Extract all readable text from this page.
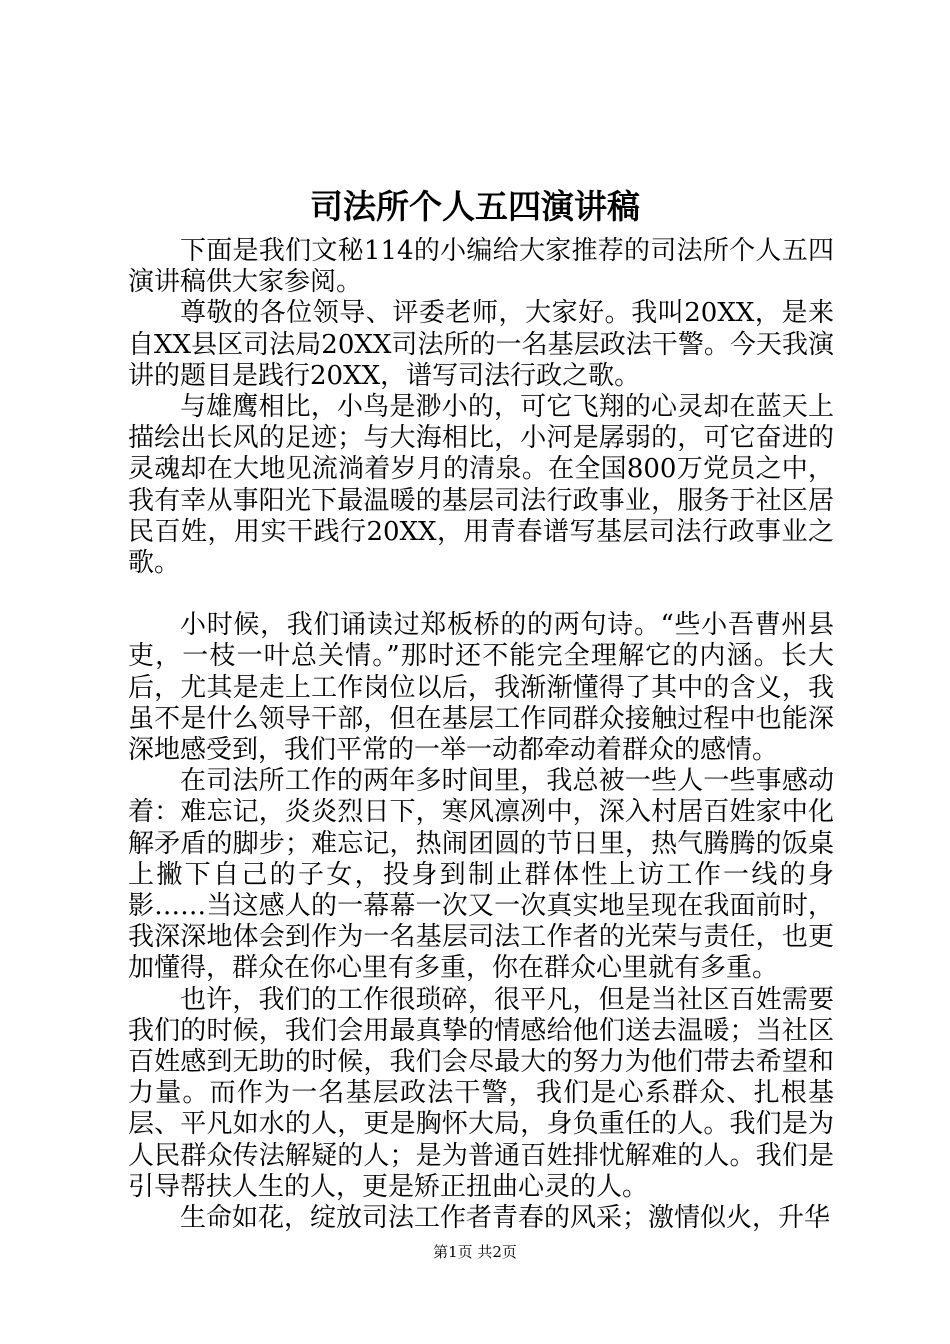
司法所个人五四演讲稿

下面是我们文秘114的小编给大家推荐的司法所个人五四演讲稿供大家参阅。

尊敬的各位领导、评委老师，大家好。我叫20XX，是来自XX县区司法局20XX司法所的一名基层政法干警。今天我演讲的题目是践行20XX，谱写司法行政之歌。

与雄鹰相比，小鸟是渺小的，可它飞翔的心灵却在蓝天上描绘出长风的足迹；与大海相比，小河是孱弱的，可它奋进的灵魂却在大地见流淌着岁月的清泉。在全国800万党员之中，我有幸从事阳光下最温暖的基层司法行政事业，服务于社区居民百姓，用实干践行20XX，用青春谱写基层司法行政事业之歌。

小时候，我们诵读过郑板桥的的两句诗。“些小吾曹州县吏，一枝一叶总关情。”那时还不能完全理解它的内涵。长大后，尤其是走上工作岗位以后，我渐渐懂得了其中的含义，我虽不是什么领导干部，但在基层工作同群众接触过程中也能深深地感受到，我们平常的一举一动都牵动着群众的感情。

在司法所工作的两年多时间里，我总被一些人一些事感动着：难忘记，炎炎烈日下，寒风凛冽中，深入村居百姓家中化解矛盾的脚步；难忘记，热闹团圆的节日里，热气腾腾的饭桌上撇下自己的子女，投身到制止群体性上访工作一线的身影……当这感人的一幕幕一次又一次真实地呈现在我面前时，我深深地体会到作为一名基层司法工作者的光荣与责任，也更加懂得，群众在你心里有多重，你在群众心里就有多重。

也许，我们的工作很琐碎，很平凡，但是当社区百姓需要我们的时候，我们会用最真挚的情感给他们送去温暖；当社区百姓感到无助的时候，我们会尽最大的努力为他们带去希望和力量。而作为一名基层政法干警，我们是心系群众、扎根基层、平凡如水的人，更是胸怀大局，身负重任的人。我们是为人民群众传法解疑的人；是为普通百姓排忧解难的人。我们是引导帮扶人生的人，更是矫正扭曲心灵的人。

生命如花，绽放司法工作者青春的风采；激情似火，升华

第1页 共2页
